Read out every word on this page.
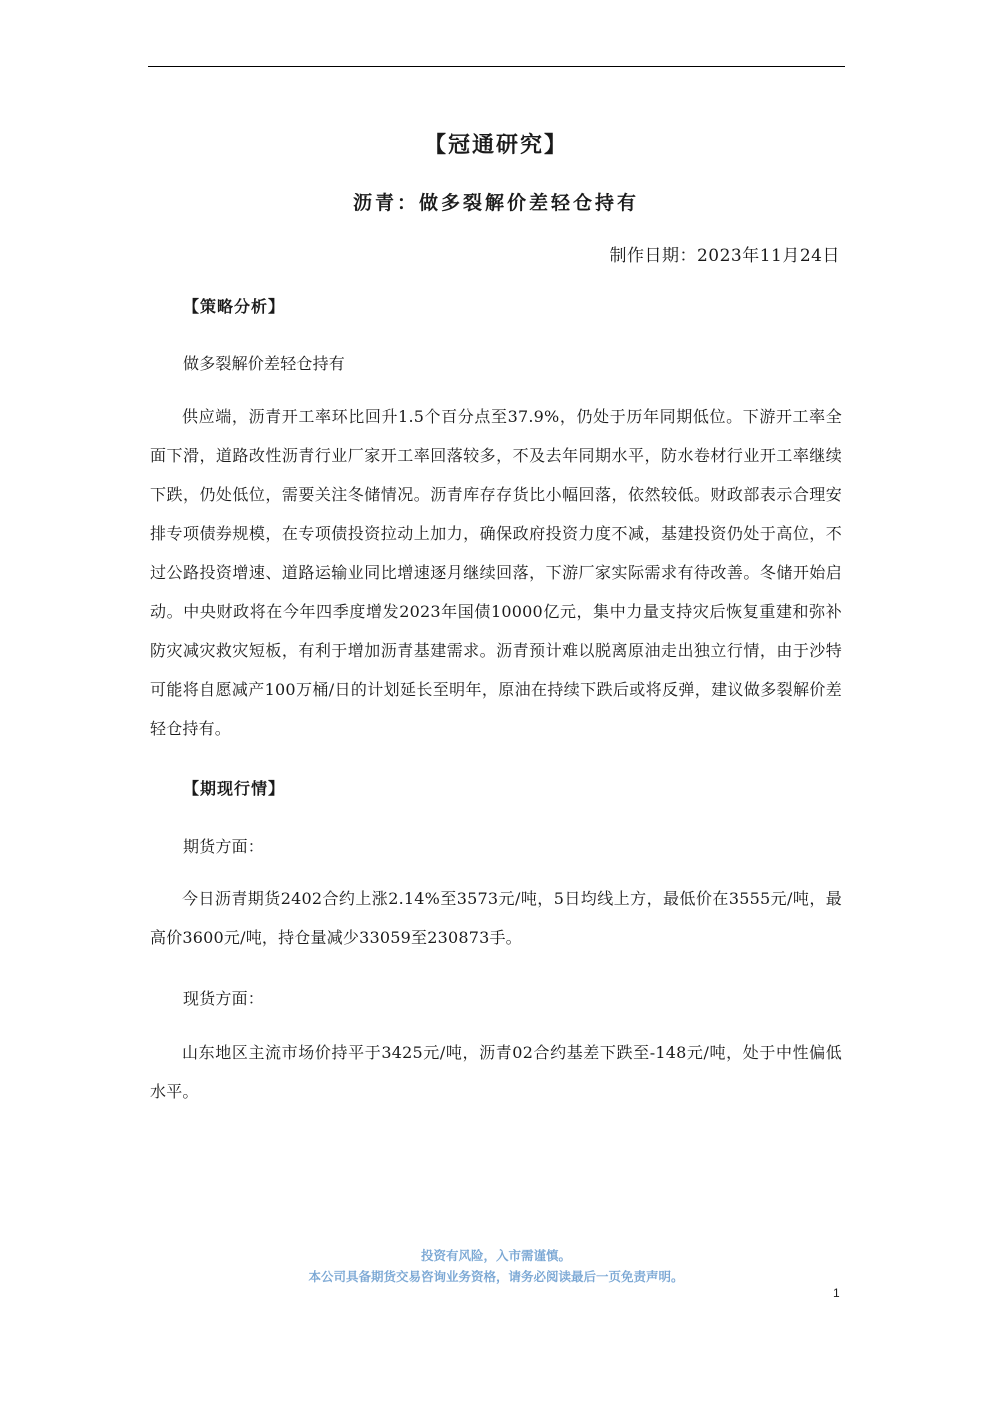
【冠通研究】
沥青：做多裂解价差轻仓持有
制作日期：2023年11月24日
【策略分析】
做多裂解价差轻仓持有
供应端，沥青开工率环比回升1.5个百分点至37.9%，仍处于历年同期低位。下游开工率全面下滑，道路改性沥青行业厂家开工率回落较多，不及去年同期水平，防水卷材行业开工率继续下跌，仍处低位，需要关注冬储情况。沥青库存存货比小幅回落，依然较低。财政部表示合理安排专项债券规模，在专项债投资拉动上加力，确保政府投资力度不减，基建投资仍处于高位，不过公路投资增速、道路运输业同比增速逐月继续回落，下游厂家实际需求有待改善。冬储开始启动。中央财政将在今年四季度增发2023年国债10000亿元，集中力量支持灾后恢复重建和弥补防灾减灾救灾短板，有利于增加沥青基建需求。沥青预计难以脱离原油走出独立行情，由于沙特可能将自愿减产100万桶/日的计划延长至明年，原油在持续下跌后或将反弹，建议做多裂解价差轻仓持有。
【期现行情】
期货方面：
今日沥青期货2402合约上涨2.14%至3573元/吨，5日均线上方，最低价在3555元/吨，最高价3600元/吨，持仓量减少33059至230873手。
现货方面：
山东地区主流市场价持平于3425元/吨，沥青02合约基差下跌至-148元/吨，处于中性偏低水平。
投资有风险，入市需谨慎。
本公司具备期货交易咨询业务资格，请务必阅读最后一页免责声明。
1
